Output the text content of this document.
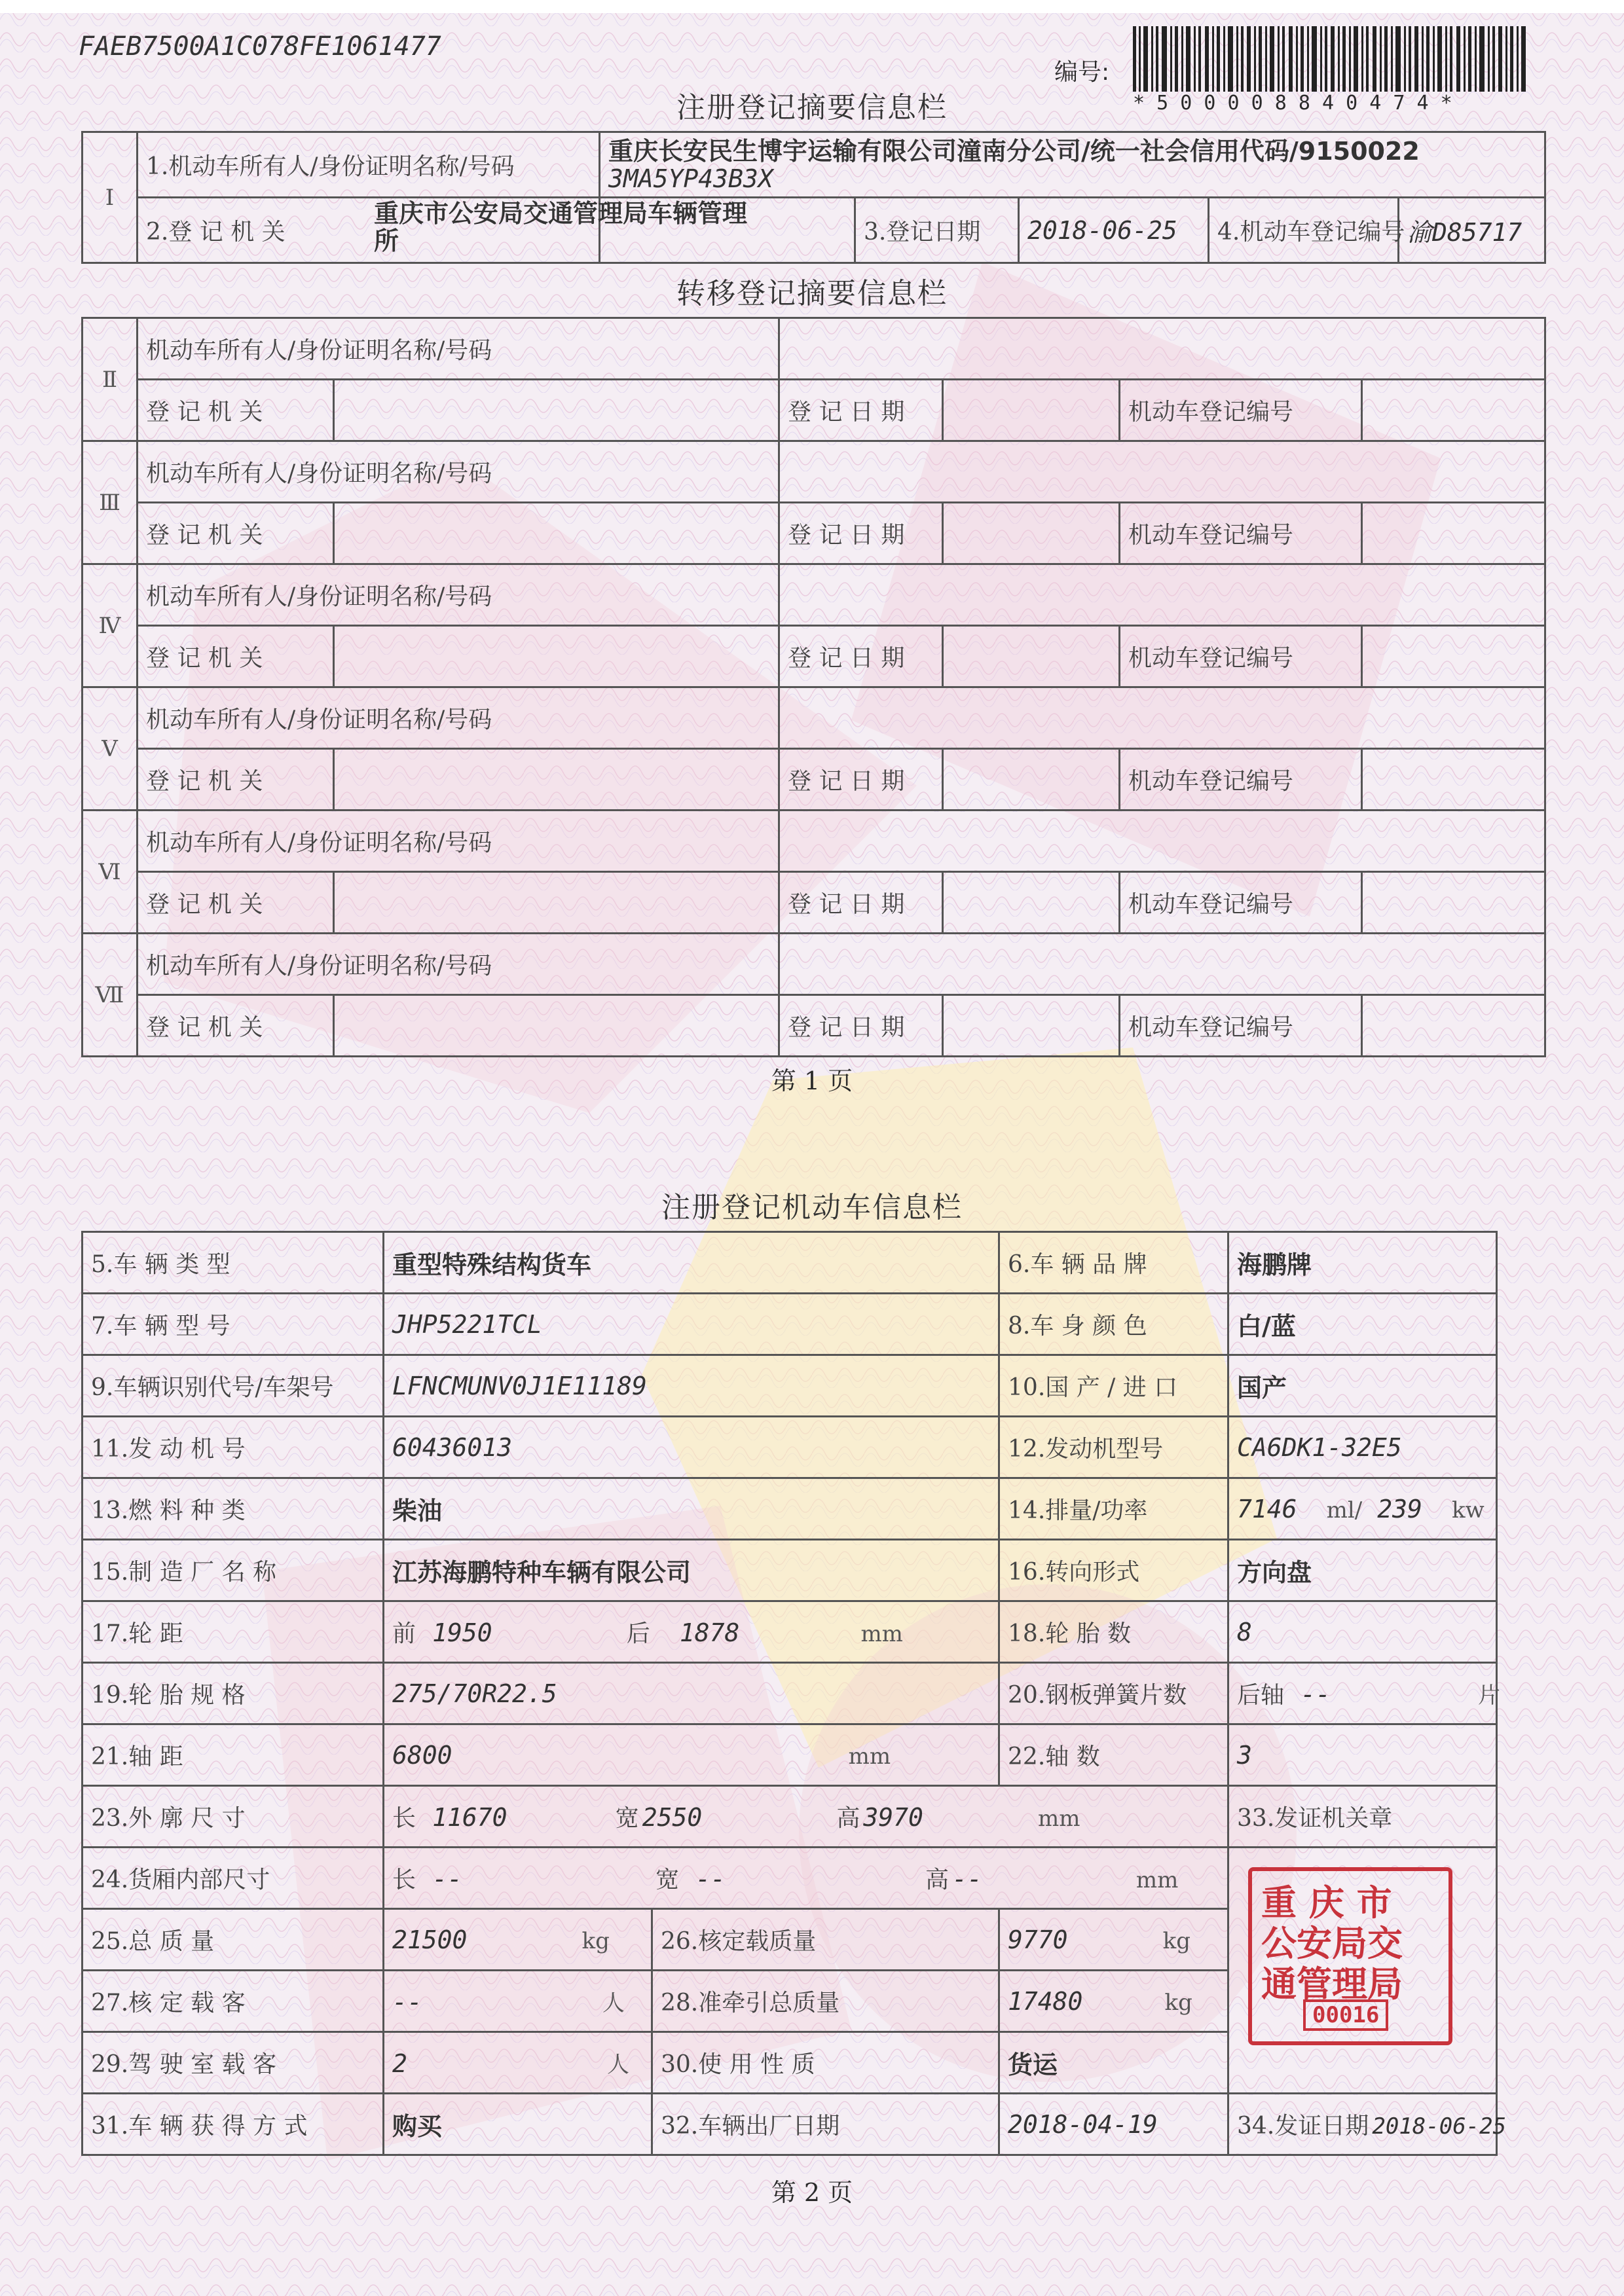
FAEB7500A1C078FE1061477
编号:
* 5 0 0 0 0 8 8 4 0 4 7 4 *
注册登记摘要信息栏
Ⅰ	1.机动车所有人/身份证明名称/号码	重庆长安民生博宇运输有限公司潼南分公司/统一社会信用代码/9150022
3MA5YP43B3X				

	2.登 记 机 关
重庆市公安局交通管理局车辆管理
所		3.登记日期	2018-06-25	4.机动车登记编号	渝D85717
转移登记摘要信息栏
Ⅱ	机动车所有人/身份证明名称/号码					
	登 记 机 关		登 记 日 期		机动车登记编号	
Ⅲ	机动车所有人/身份证明名称/号码					
	登 记 机 关		登 记 日 期		机动车登记编号	
Ⅳ	机动车所有人/身份证明名称/号码					
	登 记 机 关		登 记 日 期		机动车登记编号	
Ⅴ	机动车所有人/身份证明名称/号码					
	登 记 机 关		登 记 日 期		机动车登记编号	
Ⅵ	机动车所有人/身份证明名称/号码					
	登 记 机 关		登 记 日 期		机动车登记编号	
Ⅶ	机动车所有人/身份证明名称/号码					
	登 记 机 关		登 记 日 期		机动车登记编号	
第 1 页
注册登记机动车信息栏
5.车 辆 类 型	重型特殊结构货车		6.车 辆 品 牌	海鹏牌
7.车 辆 型 号	JHP5221TCL		8.车 身 颜 色	白/蓝
9.车辆识别代号/车架号	LFNCMUNV0J1E11189		10.国 产 / 进 口	国产
11.发 动 机 号	60436013		12.发动机型号	CA6DK1-32E5
13.燃 料 种 类	柴油		14.排量/功率	7146 ml/ 239 kw
15.制 造 厂 名 称	江苏海鹏特种车辆有限公司		16.转向形式	方向盘
17.轮 距	前 1950 后 1878 mm		18.轮 胎 数	8
19.轮 胎 规 格	275/70R22.5		20.钢板弹簧片数	后轴 -- 片
21.轴 距	6800 mm		22.轴 数	3
23.外 廓 尺 寸	长 11670 宽 2550 高 3970 mm			33.发证机关章
24.货厢内部尺寸	长 -- 宽 -- 高 -- mm			
25.总 质 量	21500 kg	26.核定载质量	9770 kg	
27.核 定 载 客	-- 人	28.准牵引总质量	17480 kg	
29.驾 驶 室 载 客	2 人	30.使 用 性 质	货运	
31.车 辆 获 得 方 式	购买	32.车辆出厂日期	2018-04-19	34.发证日期 2018-06-25
重 庆 市
公安局交
通管理局
00016
第 2 页
